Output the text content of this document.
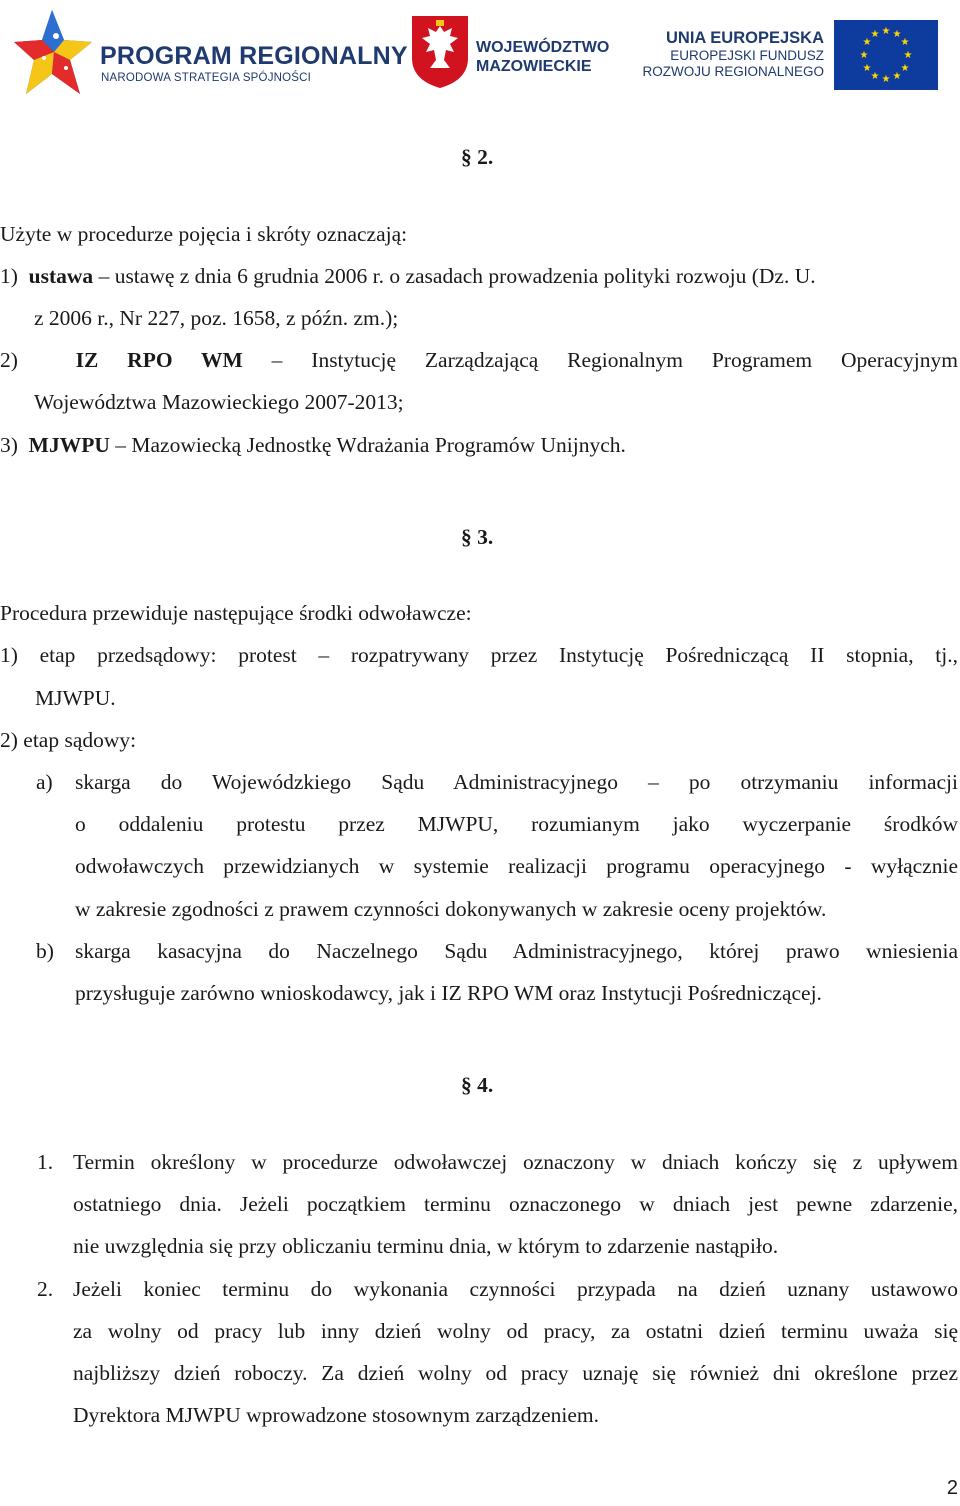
PROGRAM REGIONALNY
NARODOWA STRATEGIA SPÓJNOŚCI
WOJEWÓDZTWO
MAZOWIECKIE
UNIA EUROPEJSKA
EUROPEJSKI FUNDUSZ
ROZWOJU REGIONALNEGO
★ ★
★
★
★
★
★
★
★
★
★
★
§ 2.
Użyte w procedurze pojęcia i skróty oznaczają:
1) ustawa – ustawę z dnia 6 grudnia 2006 r. o zasadach prowadzenia polityki rozwoju (Dz. U.
z 2006 r., Nr 227, poz. 1658, z późn. zm.);
2)	IZ RPO WM – Instytucję Zarządzającą Regionalnym Programem Operacyjnym
Województwa Mazowieckiego 2007-2013;
3) MJWPU – Mazowiecką Jednostkę Wdrażania Programów Unijnych.
§ 3.
Procedura przewiduje następujące środki odwoławcze:
1) etap przedsądowy: protest – rozpatrywany przez Instytucję Pośredniczącą II stopnia, tj.,
MJWPU.
2) etap sądowy:
a) skarga do Wojewódzkiego Sądu Administracyjnego – po otrzymaniu informacji
o oddaleniu protestu przez MJWPU, rozumianym jako wyczerpanie środków
odwoławczych przewidzianych w systemie realizacji programu operacyjnego - wyłącznie
w zakresie zgodności z prawem czynności dokonywanych w zakresie oceny projektów.
b) skarga kasacyjna do Naczelnego Sądu Administracyjnego, której prawo wniesienia
przysługuje zarówno wnioskodawcy, jak i IZ RPO WM oraz Instytucji Pośredniczącej.
§ 4.
1. Termin określony w procedurze odwoławczej oznaczony w dniach kończy się z upływem
ostatniego dnia. Jeżeli początkiem terminu oznaczonego w dniach jest pewne zdarzenie,
nie uwzględnia się przy obliczaniu terminu dnia, w którym to zdarzenie nastąpiło.
2. Jeżeli koniec terminu do wykonania czynności przypada na dzień uznany ustawowo
za wolny od pracy lub inny dzień wolny od pracy, za ostatni dzień terminu uważa się
najbliższy dzień roboczy. Za dzień wolny od pracy uznaję się również dni określone przez
Dyrektora MJWPU wprowadzone stosownym zarządzeniem.
2
